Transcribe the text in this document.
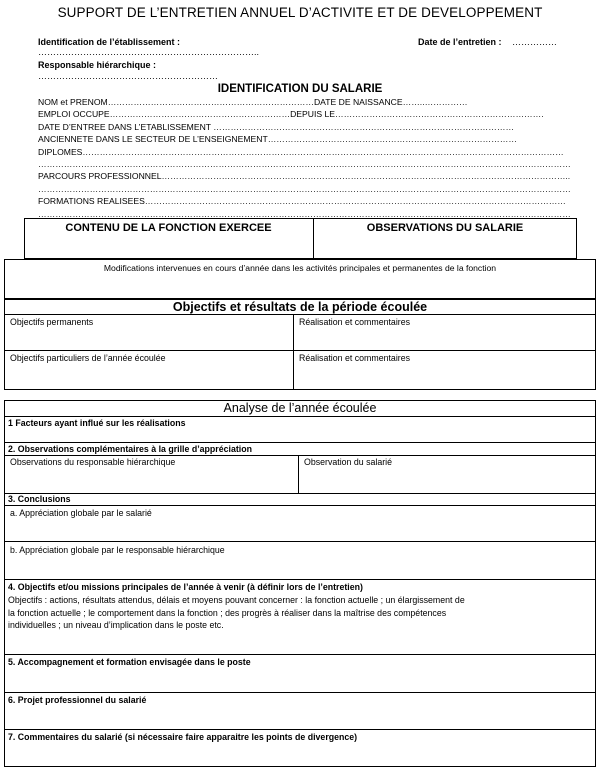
SUPPORT DE L’ENTRETIEN ANNUEL D’ACTIVITE ET DE DEVELOPPEMENT
Identification de l’établissement :
………………………………………………………………..
Date de l’entretien : ……………
Responsable hiérarchique :
……………………………………………………
IDENTIFICATION DU SALARIE
NOM et PRENOM………………………………………………………………DATE DE NAISSANCE……..……………
EMPLOI OCCUPE………………………………………………………DEPUIS LE……………………………………………………………….
DATE D’ENTREE DANS L’ETABLISSEMENT ……………………………………………………………………………………………
ANCIENNETE DANS LE SECTEUR DE L’ENSEIGNEMENT……………………………………………………………………………
DIPLOMES……………………………………………………………………………………………………………………………………………………
……………………………………………………………………………………………………………………………………………………………………
PARCOURS PROFESSIONNEL……………………………………………………………………………………………………………………………..
……………………………………………………………………………………………………………………………………………………………………
FORMATIONS REALISEES…………………………………………………………………………………………………………………………………
……………………………………………………………………………………………………………………………………………………………………
CONTENU DE LA FONCTION EXERCEE	OBSERVATIONS DU SALARIE
Modifications intervenues en cours d’année dans les activités principales et permanentes de la fonction
Objectifs et résultats de la période écoulée
Objectifs permanents	Réalisation et commentaires
Objectifs particuliers de l’année écoulée	Réalisation et commentaires
Analyse de l’année écoulée
1 Facteurs ayant influé sur les réalisations
2. Observations complémentaires à la grille d’appréciation
Observations du responsable hiérarchique	Observation du salarié
3. Conclusions
a. Appréciation globale par le salarié
b. Appréciation globale par le responsable hiérarchique
4. Objectifs et/ou missions principales de l’année à venir (à définir lors de l’entretien)
Objectifs : actions, résultats attendus, délais et moyens pouvant concerner : la fonction actuelle ; un élargissement de
la fonction actuelle ; le comportement dans la fonction ; des progrès à réaliser dans la maîtrise des compétences
individuelles ; un niveau d’implication dans le poste etc.
5. Accompagnement et formation envisagée dans le poste
6. Projet professionnel du salarié
7. Commentaires du salarié (si nécessaire faire apparaitre les points de divergence)
